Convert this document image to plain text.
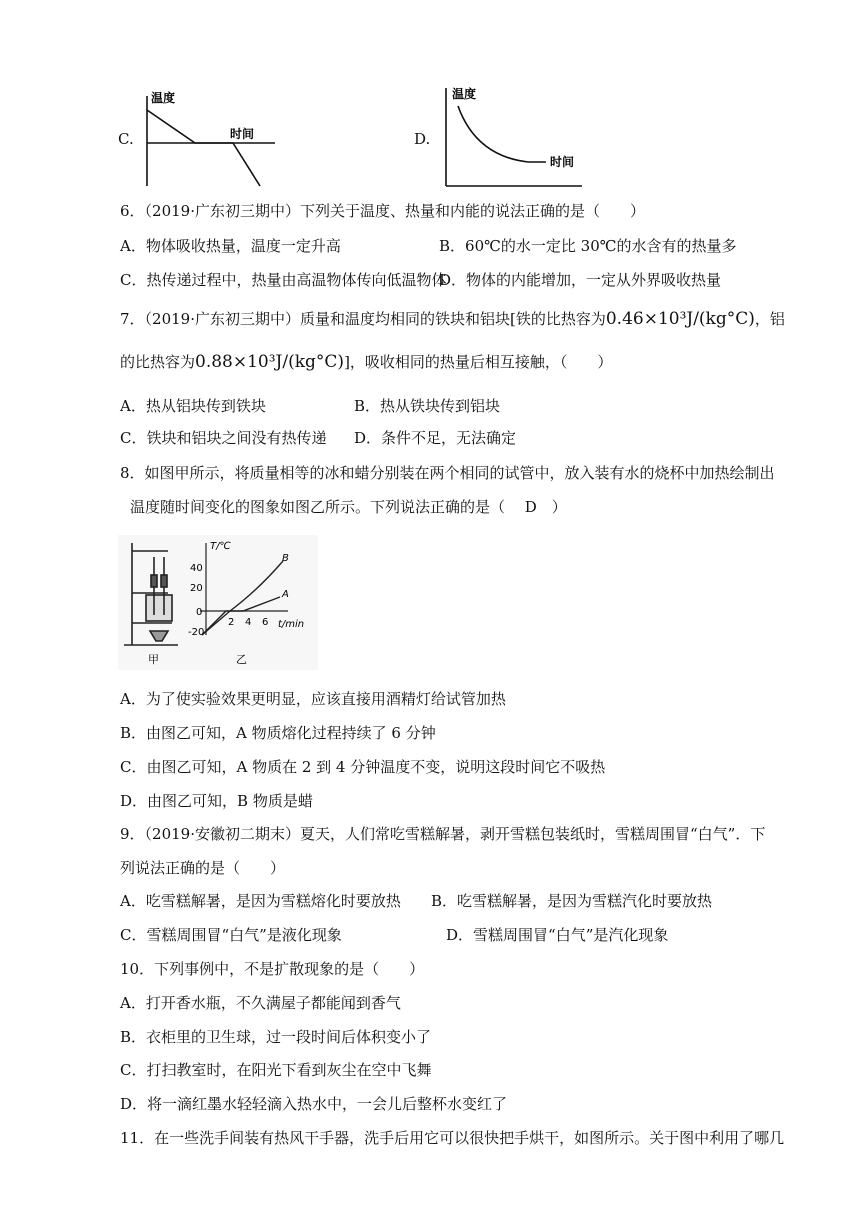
C.
温度
时间	D.
温度
时间
6．（2019·广东初三期中）下列关于温度、热量和内能的说法正确的是（　　）
A．物体吸收热量，温度一定升高	B．60℃的水一定比 30℃的水含有的热量多
C．热传递过程中，热量由高温物体传向低温物体
D．物体的内能增加，一定从外界吸收热量
7．（2019·广东初三期中）质量和温度均相同的铁块和铝块[铁的比热容为0.46×10³J/(kg°C)，铝
的比热容为0.88×10³J/(kg°C)]，吸收相同的热量后相互接触，（　　）
A．热从铝块传到铁块	B．热从铁块传到铝块
C．铁块和铝块之间没有热传递 D．条件不足，无法确定
8．如图甲所示，将质量相等的冰和蜡分别装在两个相同的试管中，放入装有水的烧杯中加热绘制出
温度随时间变化的图象如图乙所示。下列说法正确的是（　 D　）
T/℃
t/min
40
20
0
-20
2 4 6
A
B
甲	乙
A．为了使实验效果更明显，应该直接用酒精灯给试管加热
B．由图乙可知，A 物质熔化过程持续了 6 分钟
C．由图乙可知，A 物质在 2 到 4 分钟温度不变，说明这段时间它不吸热
D．由图乙可知，B 物质是蜡
9．（2019·安徽初二期末）夏天，人们常吃雪糕解暑，剥开雪糕包装纸时，雪糕周围冒“白气”．下
列说法正确的是（　　）
A．吃雪糕解暑，是因为雪糕熔化时要放热 B．吃雪糕解暑，是因为雪糕汽化时要放热
C．雪糕周围冒“白气”是液化现象	D．雪糕周围冒“白气”是汽化现象
10．下列事例中，不是扩散现象的是（　　）
A．打开香水瓶，不久满屋子都能闻到香气
B．衣柜里的卫生球，过一段时间后体积变小了
C．打扫教室时，在阳光下看到灰尘在空中飞舞
D．将一滴红墨水轻轻滴入热水中，一会儿后整杯水变红了
11．在一些洗手间装有热风干手器，洗手后用它可以很快把手烘干，如图所示。关于图中利用了哪几
